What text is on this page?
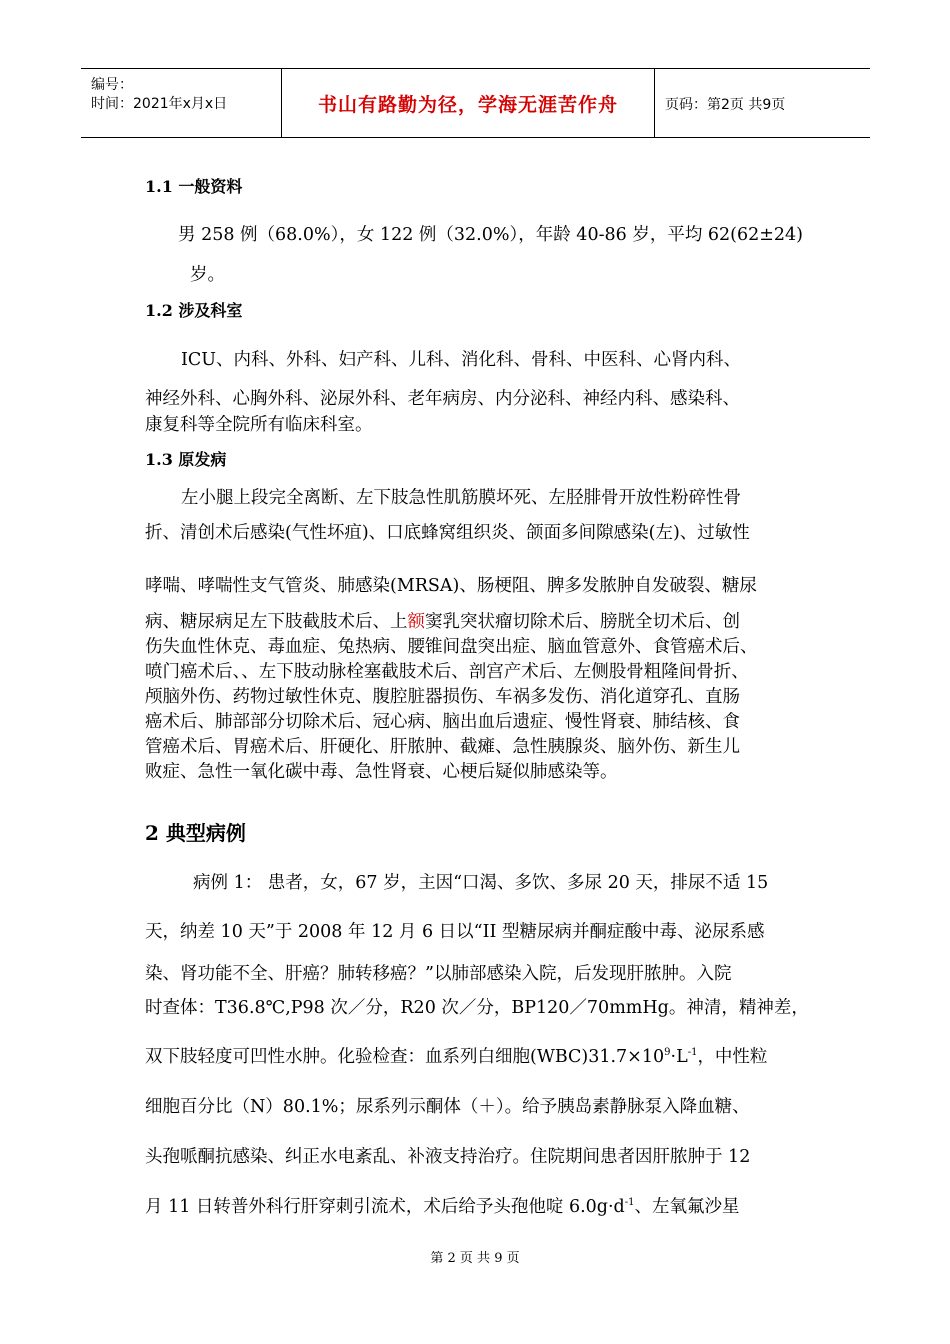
编号：
时间：2021年x月x日	书山有路勤为径，学海无涯苦作舟	页码：第2页 共9页
1.1 一般资料
男 258 例（68.0%），女 122 例（32.0%），年龄 40-86 岁，平均 62(62±24)
岁。
1.2 涉及科室
ICU、内科、外科、妇产科、儿科、消化科、骨科、中医科、心肾内科、
神经外科、心胸外科、泌尿外科、老年病房、内分泌科、神经内科、感染科、
康复科等全院所有临床科室。
1.3 原发病
左小腿上段完全离断、左下肢急性肌筋膜坏死、左胫腓骨开放性粉碎性骨
折、清创术后感染(气性坏疽)、口底蜂窝组织炎、颌面多间隙感染(左)、过敏性
哮喘、哮喘性支气管炎、肺感染(MRSA)、肠梗阻、脾多发脓肿自发破裂、糖尿
病、糖尿病足左下肢截肢术后、上额窦乳突状瘤切除术后、膀胱全切术后、创
伤失血性休克、毒血症、兔热病、腰锥间盘突出症、脑血管意外、食管癌术后、
喷门癌术后、、左下肢动脉栓塞截肢术后、剖宫产术后、左侧股骨粗隆间骨折、
颅脑外伤、药物过敏性休克、腹腔脏器损伤、车祸多发伤、消化道穿孔、直肠
癌术后、肺部部分切除术后、冠心病、脑出血后遗症、慢性肾衰、肺结核、食
管癌术后、胃癌术后、肝硬化、肝脓肿、截瘫、急性胰腺炎、脑外伤、新生儿
败症、急性一氧化碳中毒、急性肾衰、心梗后疑似肺感染等。
2 典型病例
病例 1： 患者，女，67 岁，主因“口渴、多饮、多尿 20 天，排尿不适 15
天，纳差 10 天”于 2008 年 12 月 6 日以“II 型糖尿病并酮症酸中毒、泌尿系感
染、肾功能不全、肝癌？肺转移癌？”以肺部感染入院，后发现肝脓肿。入院
时查体：T36.8℃,P98 次／分，R20 次／分，BP120／70mmHg。神清，精神差，
双下肢轻度可凹性水肿。化验检查：血系列白细胞$(WBC)31.7\times 10^9\cdot L^{-1}$，中性粒
细胞百分比（N）80.1%；尿系列示酮体（＋）。给予胰岛素静脉泵入降血糖、
头孢哌酮抗感染、纠正水电紊乱、补液支持治疗。住院期间患者因肝脓肿于 12
月 11 日转普外科行肝穿刺引流术，术后给予头孢他啶 $6.0g\cdot d^{-1}$、左氧氟沙星
第 2 页 共 9 页
